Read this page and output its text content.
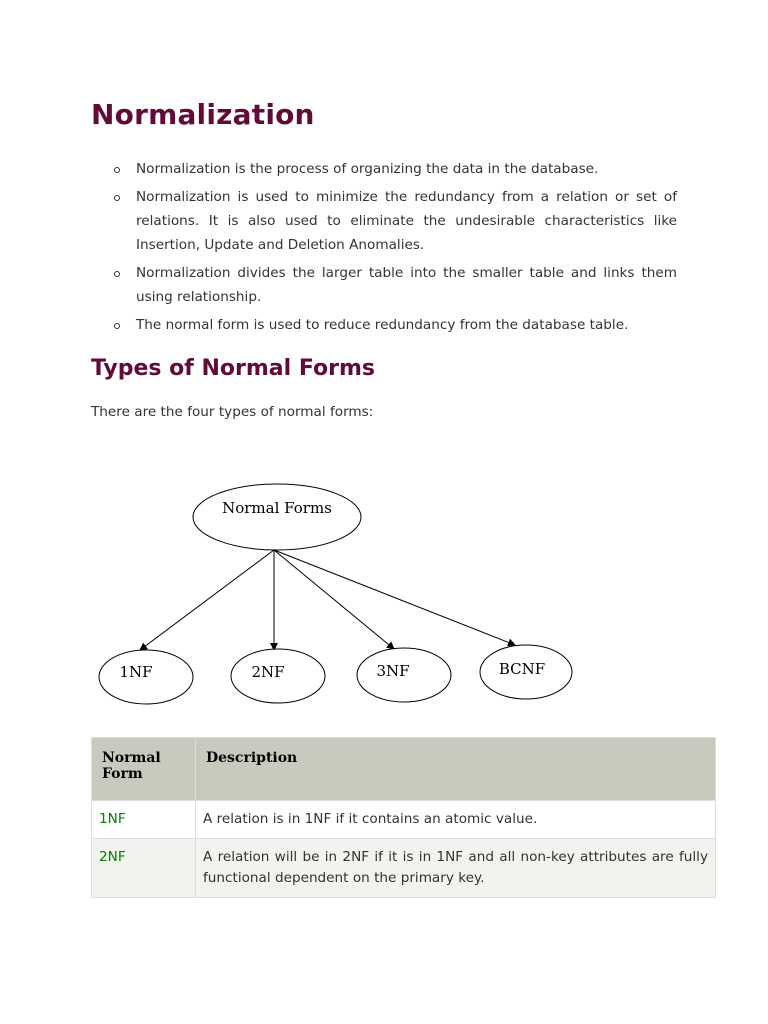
Normalization
Normalization is the process of organizing the data in the database.
Normalization is used to minimize the redundancy from a relation or set of relations. It is also used to eliminate the undesirable characteristics like Insertion, Update and Deletion Anomalies.
Normalization divides the larger table into the smaller table and links them using relationship.
The normal form is used to reduce redundancy from the database table.
Types of Normal Forms

There are the four types of normal forms:

Normal Forms
1NF	2NF	3NF	BCNF
Normal Form	Description
1NF	A relation is in 1NF if it contains an atomic value.
2NF	A relation will be in 2NF if it is in 1NF and all non-key attributes are fully functional dependent on the primary key.
